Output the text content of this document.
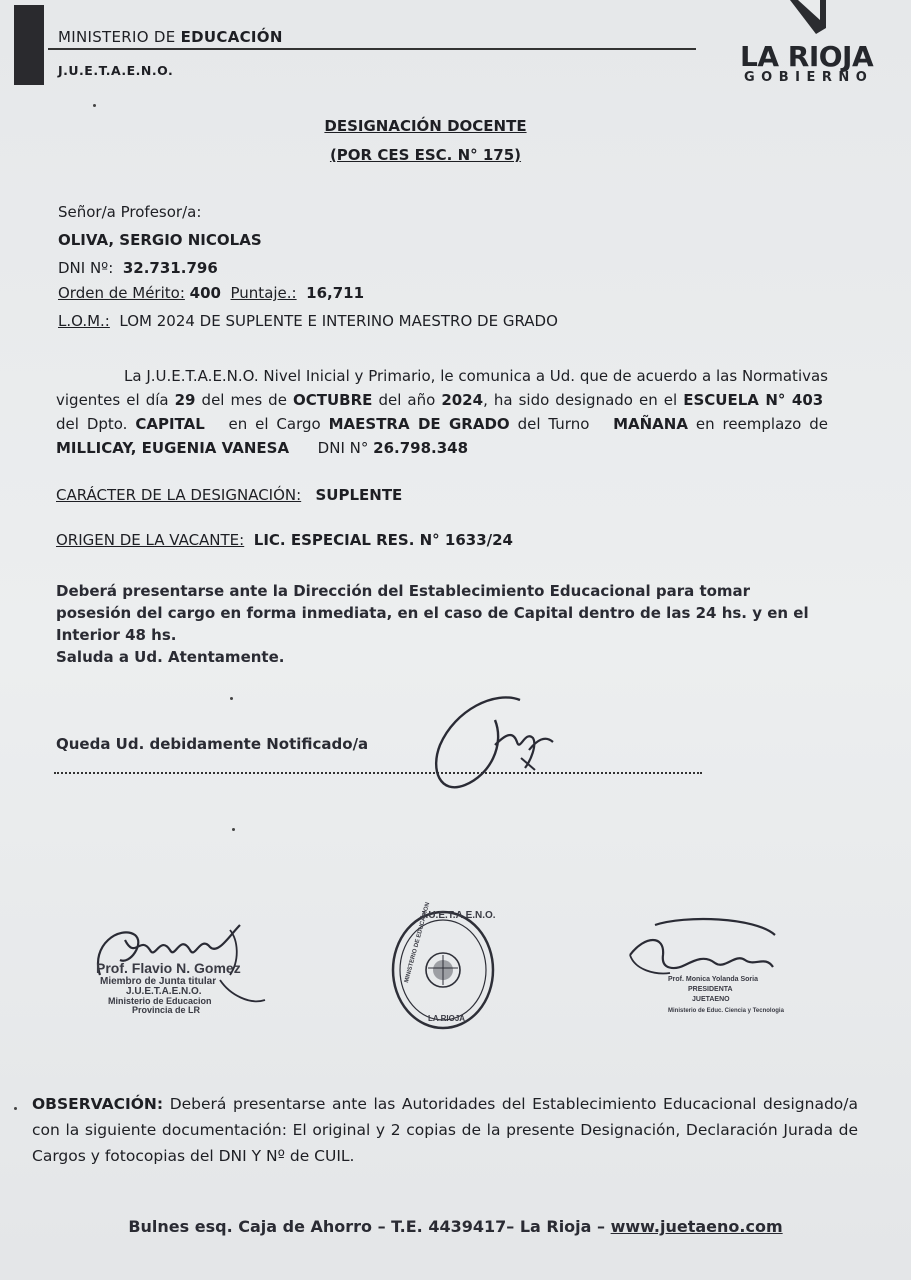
MINISTERIO DE EDUCACIÓN
J.U.E.T.A.E.N.O.	LA RIOJA
GOBIERNO
DESIGNACIÓN DOCENTE
(POR CES ESC. N° 175)
Señor/a Profesor/a:
OLIVA, SERGIO NICOLAS
DNI Nº: 32.731.796
Orden de Mérito: 400 Puntaje.: 16,711
L.O.M.: LOM 2024 DE SUPLENTE E INTERINO MAESTRO DE GRADO
La J.U.E.T.A.E.N.O. Nivel Inicial y Primario, le comunica a Ud. que de acuerdo a las Normativas vigentes el día 29 del mes de OCTUBRE del año 2024, ha sido designado en el ESCUELA N° 403  del Dpto. CAPITAL en el Cargo MAESTRA DE GRADO del Turno MAÑANA en reemplazo de MILLICAY, EUGENIA VANESA DNI N° 26.798.348
CARÁCTER DE LA DESIGNACIÓN: SUPLENTE
ORIGEN DE LA VACANTE: LIC. ESPECIAL RES. N° 1633/24
Deberá presentarse ante la Dirección del Establecimiento Educacional para tomar posesión del cargo en forma inmediata, en el caso de Capital dentro de las 24 hs. y en el Interior 48 hs.
Saluda a Ud. Atentamente.
Queda Ud. debidamente Notificado/a
Prof. Flavio N. Gomez
Miembro de Junta titular
J.U.E.T.A.E.N.O.
Ministerio de Educacion
Provincia de LR
J.U.E.T.A.E.N.O.
MINISTERIO DE EDUCACION
LA RIOJA
Prof. Monica Yolanda Soria
PRESIDENTA
JUETAENO
Ministerio de Educ. Ciencia y Tecnologia
OBSERVACIÓN: Deberá presentarse ante las Autoridades del Establecimiento Educacional designado/a con la siguiente documentación: El original y 2 copias de la presente Designación, Declaración Jurada de Cargos y fotocopias del DNI Y Nº de CUIL.
Bulnes esq. Caja de Ahorro – T.E. 4439417– La Rioja – www.juetaeno.com
